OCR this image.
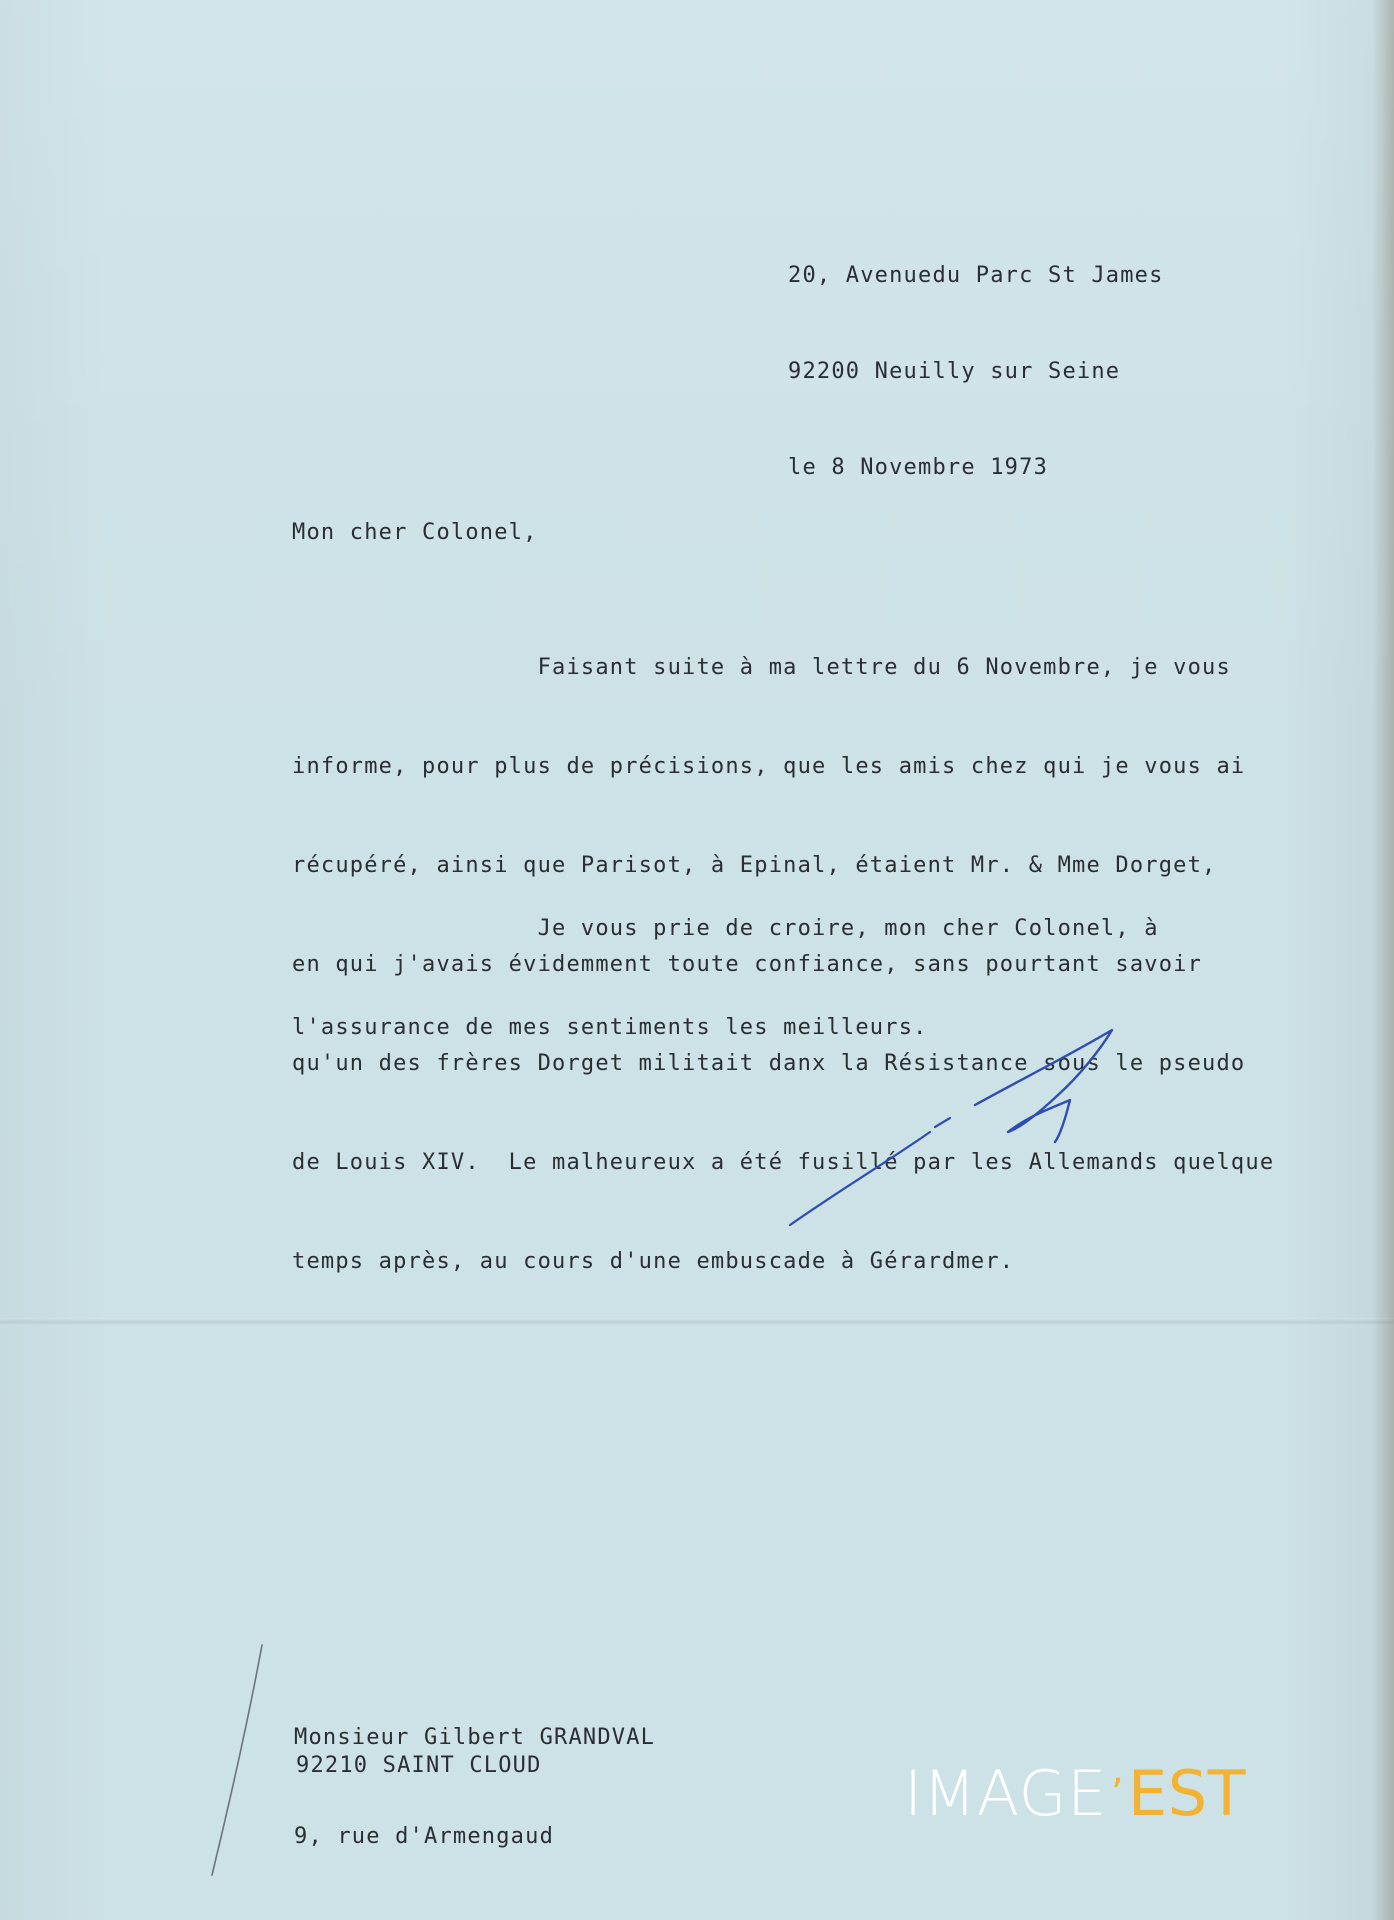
20, Avenuedu Parc St James

92200 Neuilly sur Seine

le 8 Novembre 1973

Mon cher Colonel,

Faisant suite à ma lettre du 6 Novembre, je vous

informe, pour plus de précisions, que les amis chez qui je vous ai

récupéré, ainsi que Parisot, à Epinal, étaient Mr. & Mme Dorget,

en qui j'avais évidemment toute confiance, sans pourtant savoir

qu'un des frères Dorget militait danx la Résistance sous le pseudo

de Louis XIV.  Le malheureux a été fusillé par les Allemands quelque

temps après, au cours d'une embuscade à Gérardmer.

Je vous prie de croire, mon cher Colonel, à

l'assurance de mes sentiments les meilleurs.

Monsieur Gilbert GRANDVAL

9, rue d'Armengaud

92210 SAINT CLOUD	IMAGE ’EST
